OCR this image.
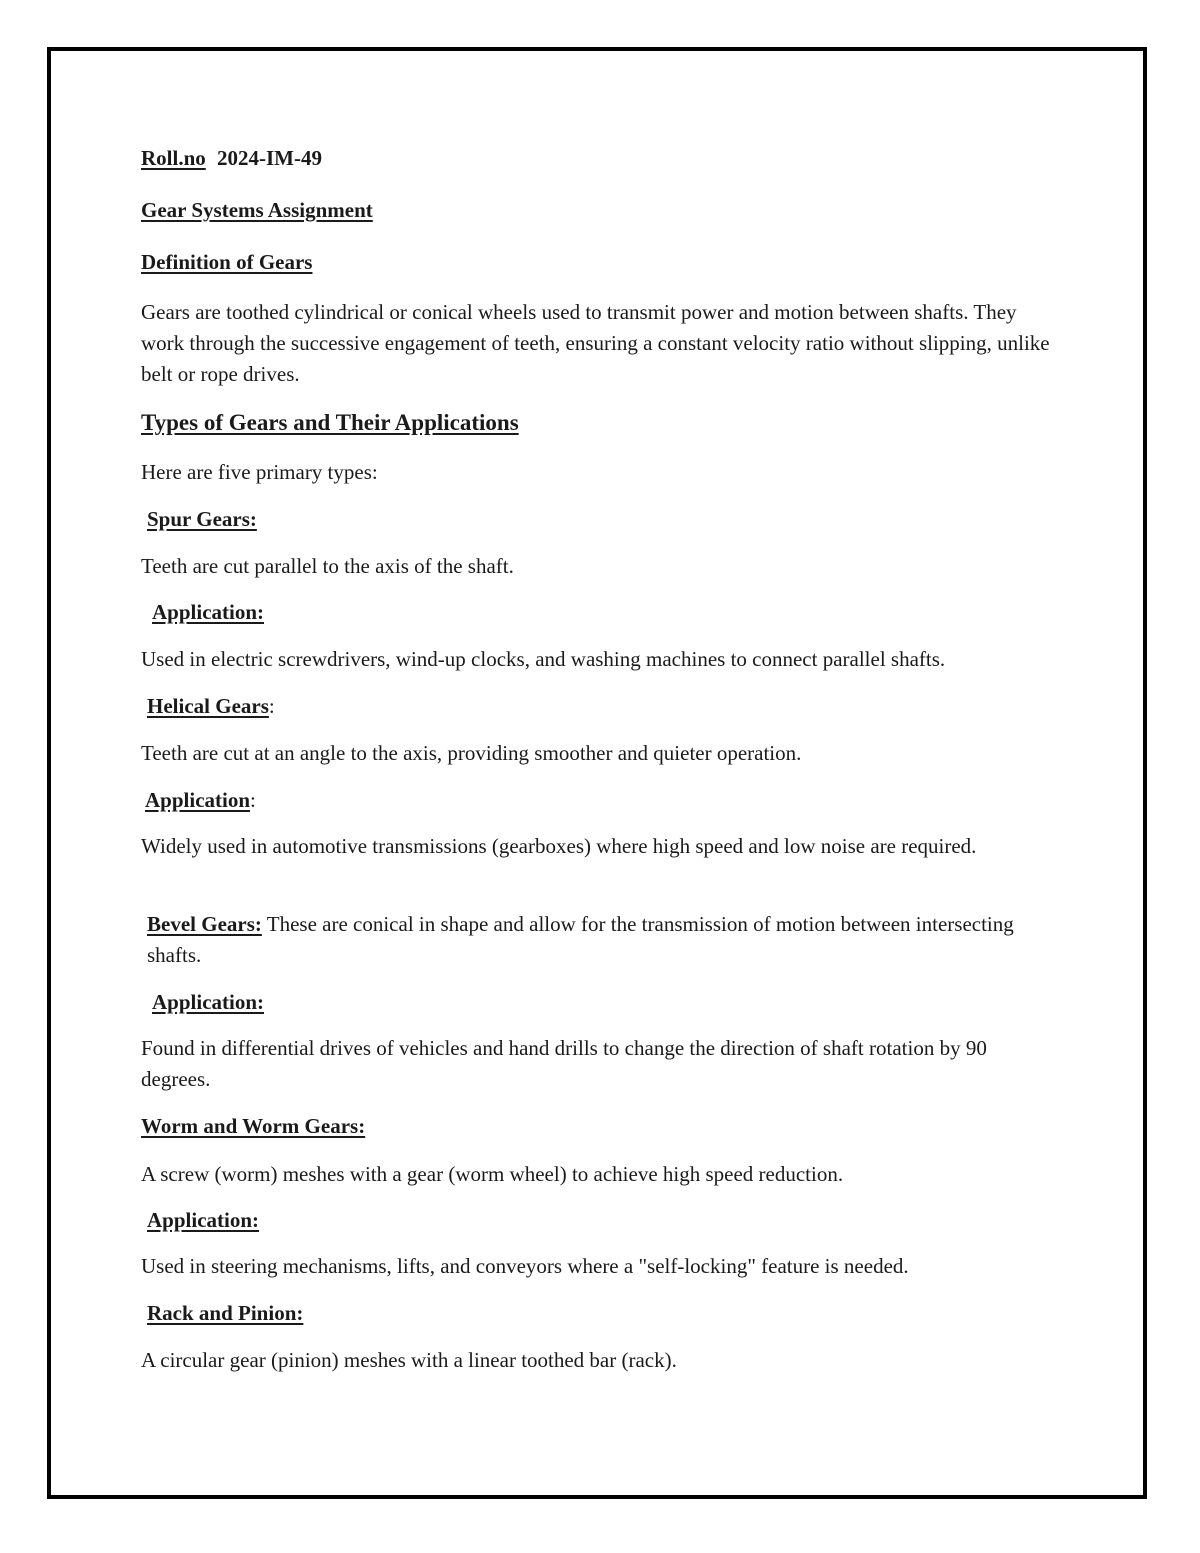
Roll.no 2024-IM-49

Gear Systems Assignment

Definition of Gears

Gears are toothed cylindrical or conical wheels used to transmit power and motion between shafts. They work through the successive engagement of teeth, ensuring a constant velocity ratio without slipping, unlike belt or rope drives.

Types of Gears and Their Applications

Here are five primary types:

Spur Gears:

Teeth are cut parallel to the axis of the shaft.

Application:

Used in electric screwdrivers, wind-up clocks, and washing machines to connect parallel shafts.

Helical Gears:

Teeth are cut at an angle to the axis, providing smoother and quieter operation.

Application:

Widely used in automotive transmissions (gearboxes) where high speed and low noise are required.

Bevel Gears: These are conical in shape and allow for the transmission of motion between intersecting shafts.

Application:

Found in differential drives of vehicles and hand drills to change the direction of shaft rotation by 90 degrees.

Worm and Worm Gears:

A screw (worm) meshes with a gear (worm wheel) to achieve high speed reduction.

Application:

Used in steering mechanisms, lifts, and conveyors where a "self-locking" feature is needed.

Rack and Pinion:

A circular gear (pinion) meshes with a linear toothed bar (rack).
